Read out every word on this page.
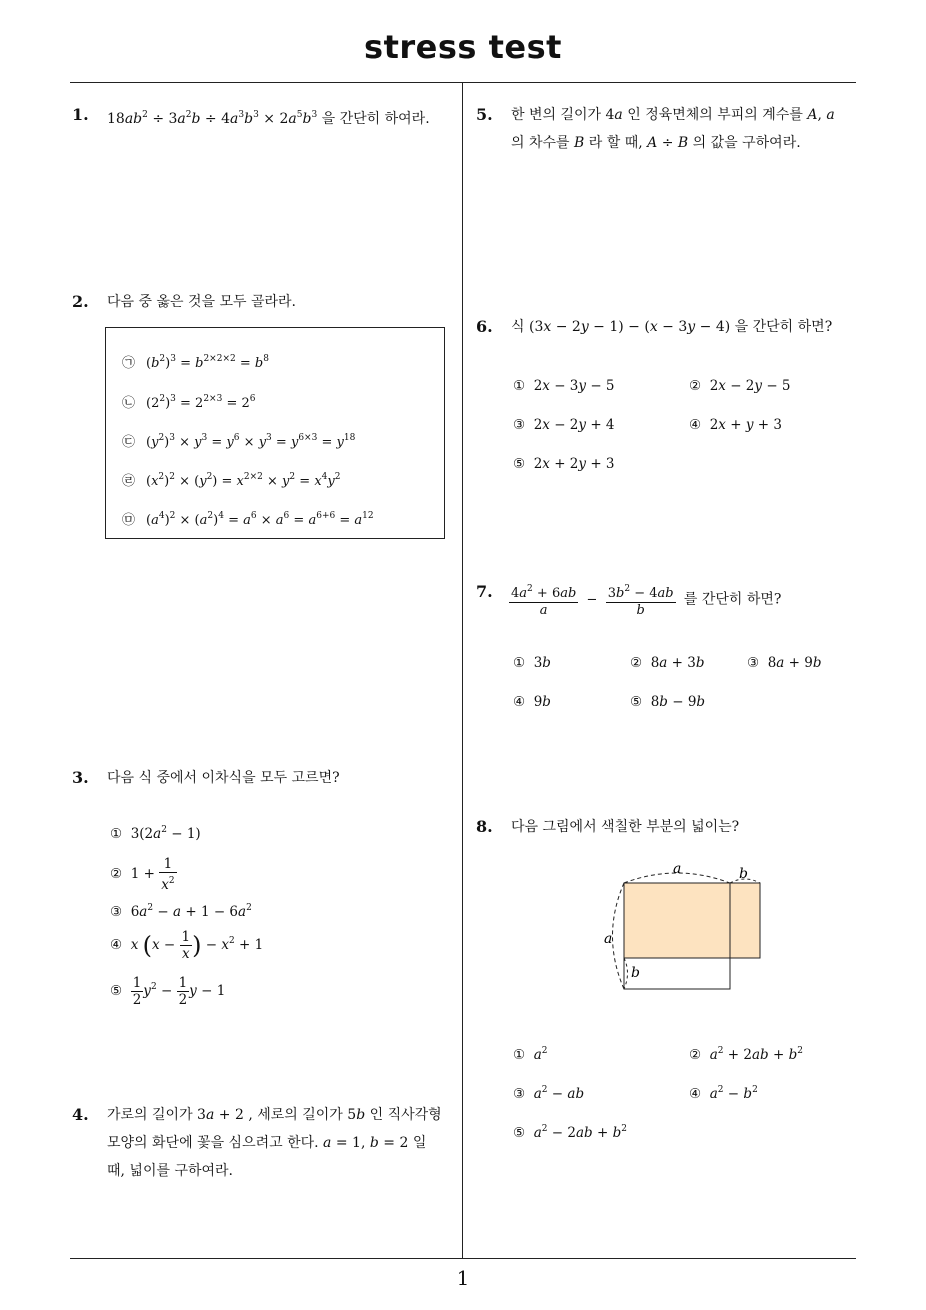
stress test
1
1. $18ab^2 \div 3a^2b \div 4a^3b^3 \times 2a^5b^3$ 을 간단히 하여라.
2. 다음 중 옳은 것을 모두 골라라.
㉠ $(b^2)^3 = b^{2\times 2\times 2} = b^8$
㉡ $(2^2)^3 = 2^{2\times 3} = 2^6$
㉢ $(y^2)^3 \times y^3 = y^6 \times y^3 = y^{6\times 3} = y^{18}$
㉣ $(x^2)^2 \times (y^2) = x^{2\times 2} \times y^2 = x^4y^2$
㉤ $(a^4)^2 \times (a^2)^4 = a^6 \times a^6 = a^{6+6} = a^{12}$
3. 다음 식 중에서 이차식을 모두 고르면?
①  $3(2a^2 - 1)$
②  $1 + \frac{1}{x^2}$
③  $6a^2 - a + 1 - 6a^2$
④ x ($x - \frac{1}{x}$ ) − $x^2 + 1$
⑤ $\frac{1}{2} y^2 - \frac{1}{2}$ y − 1
4. 가로의 길이가 3a + 2 , 세로의 길이가 5b 인 직사각형
모양의 화단에 꽃을 심으려고 한다. a = 1, b = 2 일
때, 넓이를 구하여라.
5. 한 변의 길이가 4a 인 정육면체의 부피의 계수를 A, a
의 차수를 B 라 할 때, A ÷ B 의 값을 구하여라.
6. 식 (3x − 2y − 1) − (x − 3y − 4) 을 간단히 하면?
①  2x − 3y − 5	②  2x − 2y − 5
③  2x − 2y + 4	④  2x + y + 3
⑤  2x + 2y + 3
7. $\frac{4a^2 + 6ab}{a} - \frac{3b^2 - 4ab}{b}$ 를 간단히 하면?
①  3b	②  8a + 3b	③  8a + 9b
④  9b	⑤  8b − 9b
8. 다음 그림에서 색칠한 부분의 넓이는?
a	b
a
b
① $a^2$	② $a^2 + 2ab + b^2$
③ $a^2$ − ab	④ $a^2 - b^2$
⑤ $a^2 - 2ab + b^2$
